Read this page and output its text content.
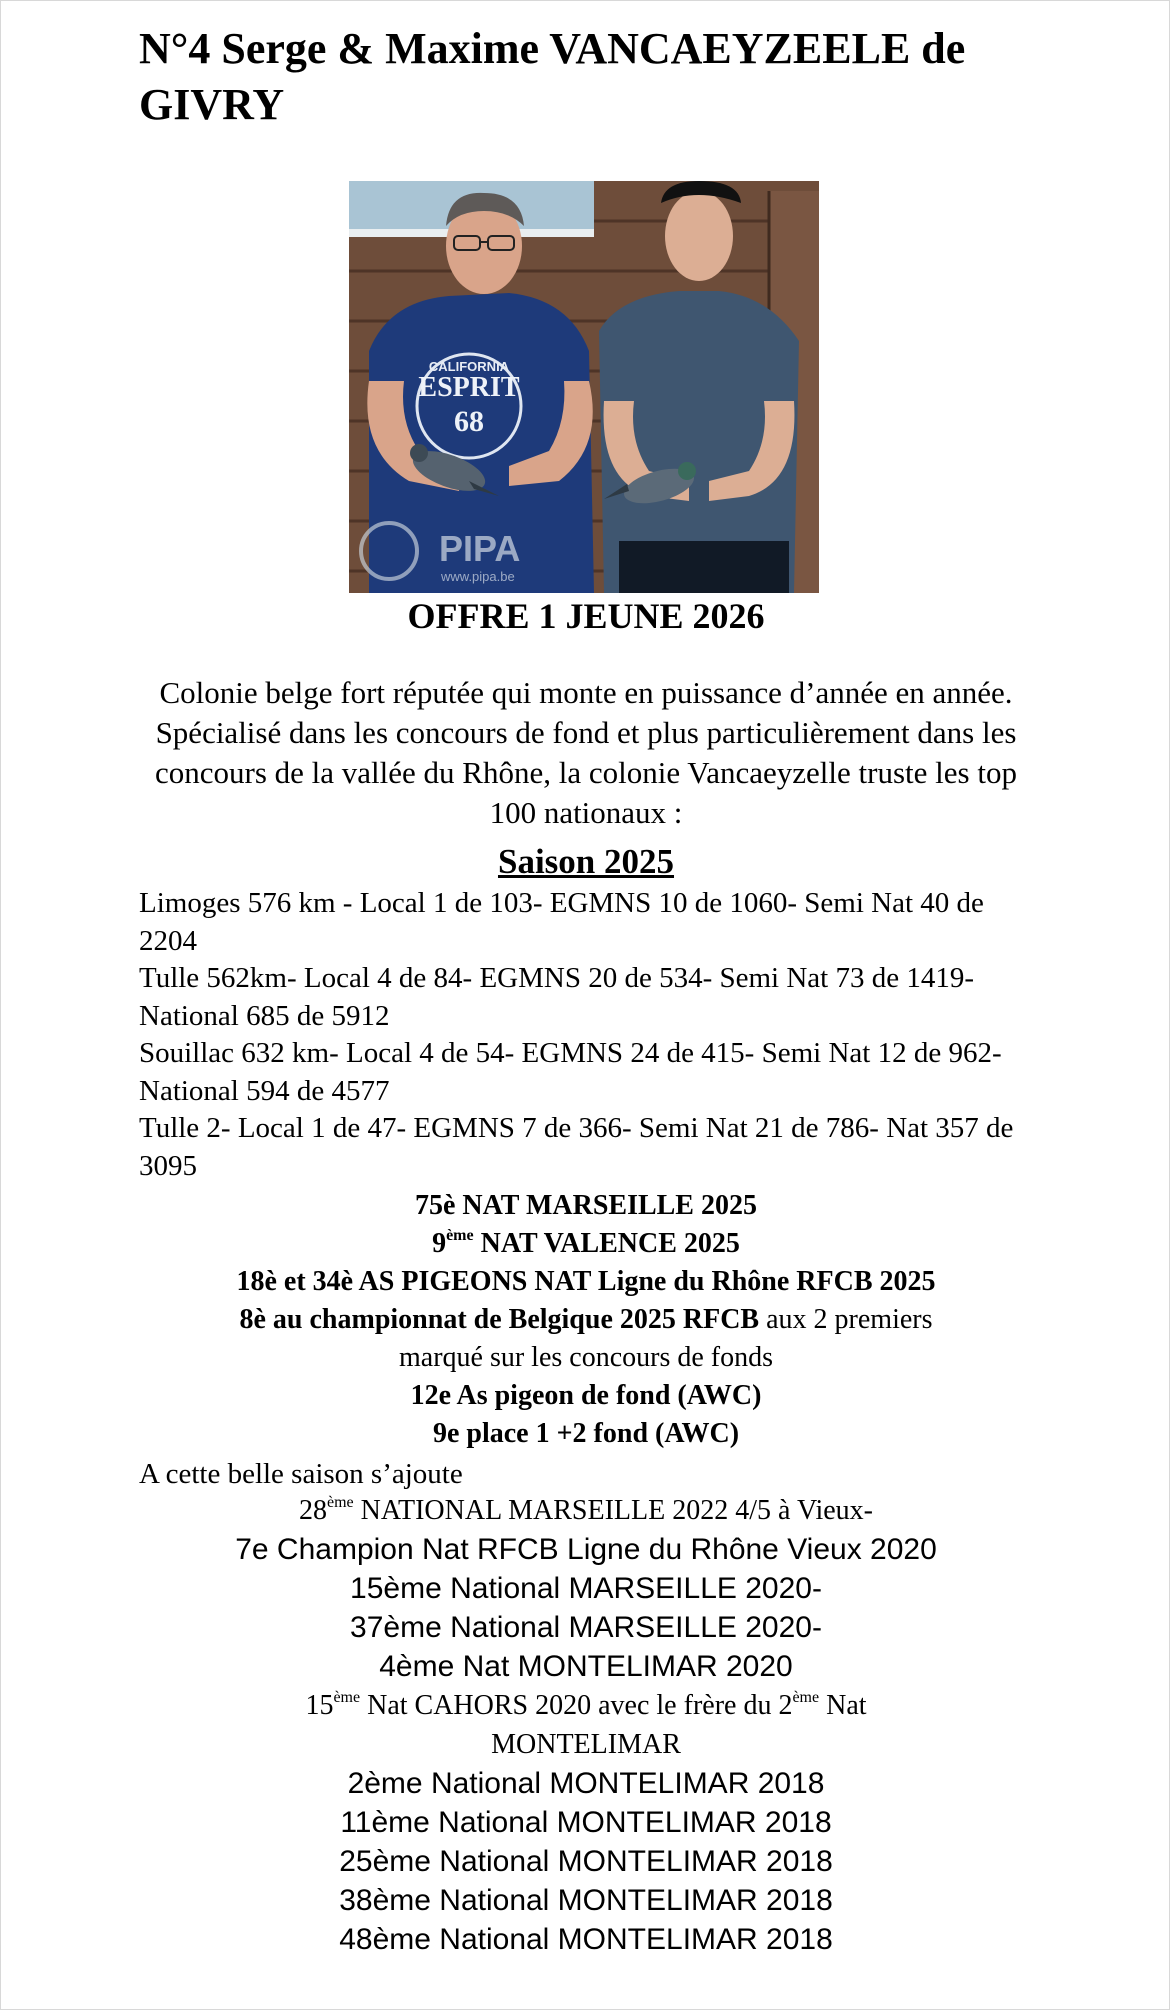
N°4 Serge & Maxime VANCAEYZEELE de GIVRY
CALIFORNIA
ESPRIT
68
PIPA
www.pipa.be
OFFRE 1 JEUNE 2026
Colonie belge fort réputée qui monte en puissance d’année en année. Spécialisé dans les concours de fond et plus particulièrement dans les concours de la vallée du Rhône, la colonie Vancaeyzelle truste les top 100 nationaux :
Saison 2025
Limoges 576 km - Local 1 de 103- EGMNS 10 de 1060- Semi Nat 40 de 2204
Tulle 562km- Local 4 de 84- EGMNS 20 de 534- Semi Nat 73 de 1419- National 685 de 5912
Souillac 632 km- Local 4 de 54- EGMNS 24 de 415- Semi Nat 12 de 962- National 594 de 4577
Tulle 2- Local 1 de 47- EGMNS 7 de 366- Semi Nat 21 de 786- Nat 357 de 3095
75è NAT MARSEILLE 2025
9ème NAT VALENCE 2025
18è et 34è AS PIGEONS NAT Ligne du Rhône RFCB 2025
8è au championnat de Belgique 2025 RFCB aux 2 premiers
marqué sur les concours de fonds
12e As pigeon de fond (AWC)
9e place 1 +2 fond (AWC)
A cette belle saison s’ajoute

28ème NATIONAL MARSEILLE 2022 4/5 à Vieux-

7e Champion Nat RFCB Ligne du Rhône Vieux 2020

15ème National MARSEILLE 2020-

37ème National MARSEILLE 2020-

4ème Nat MONTELIMAR 2020

15ème Nat CAHORS 2020 avec le frère du 2ème Nat

MONTELIMAR

2ème National MONTELIMAR 2018

11ème National MONTELIMAR 2018

25ème National MONTELIMAR 2018

38ème National MONTELIMAR 2018

48ème National MONTELIMAR 2018
